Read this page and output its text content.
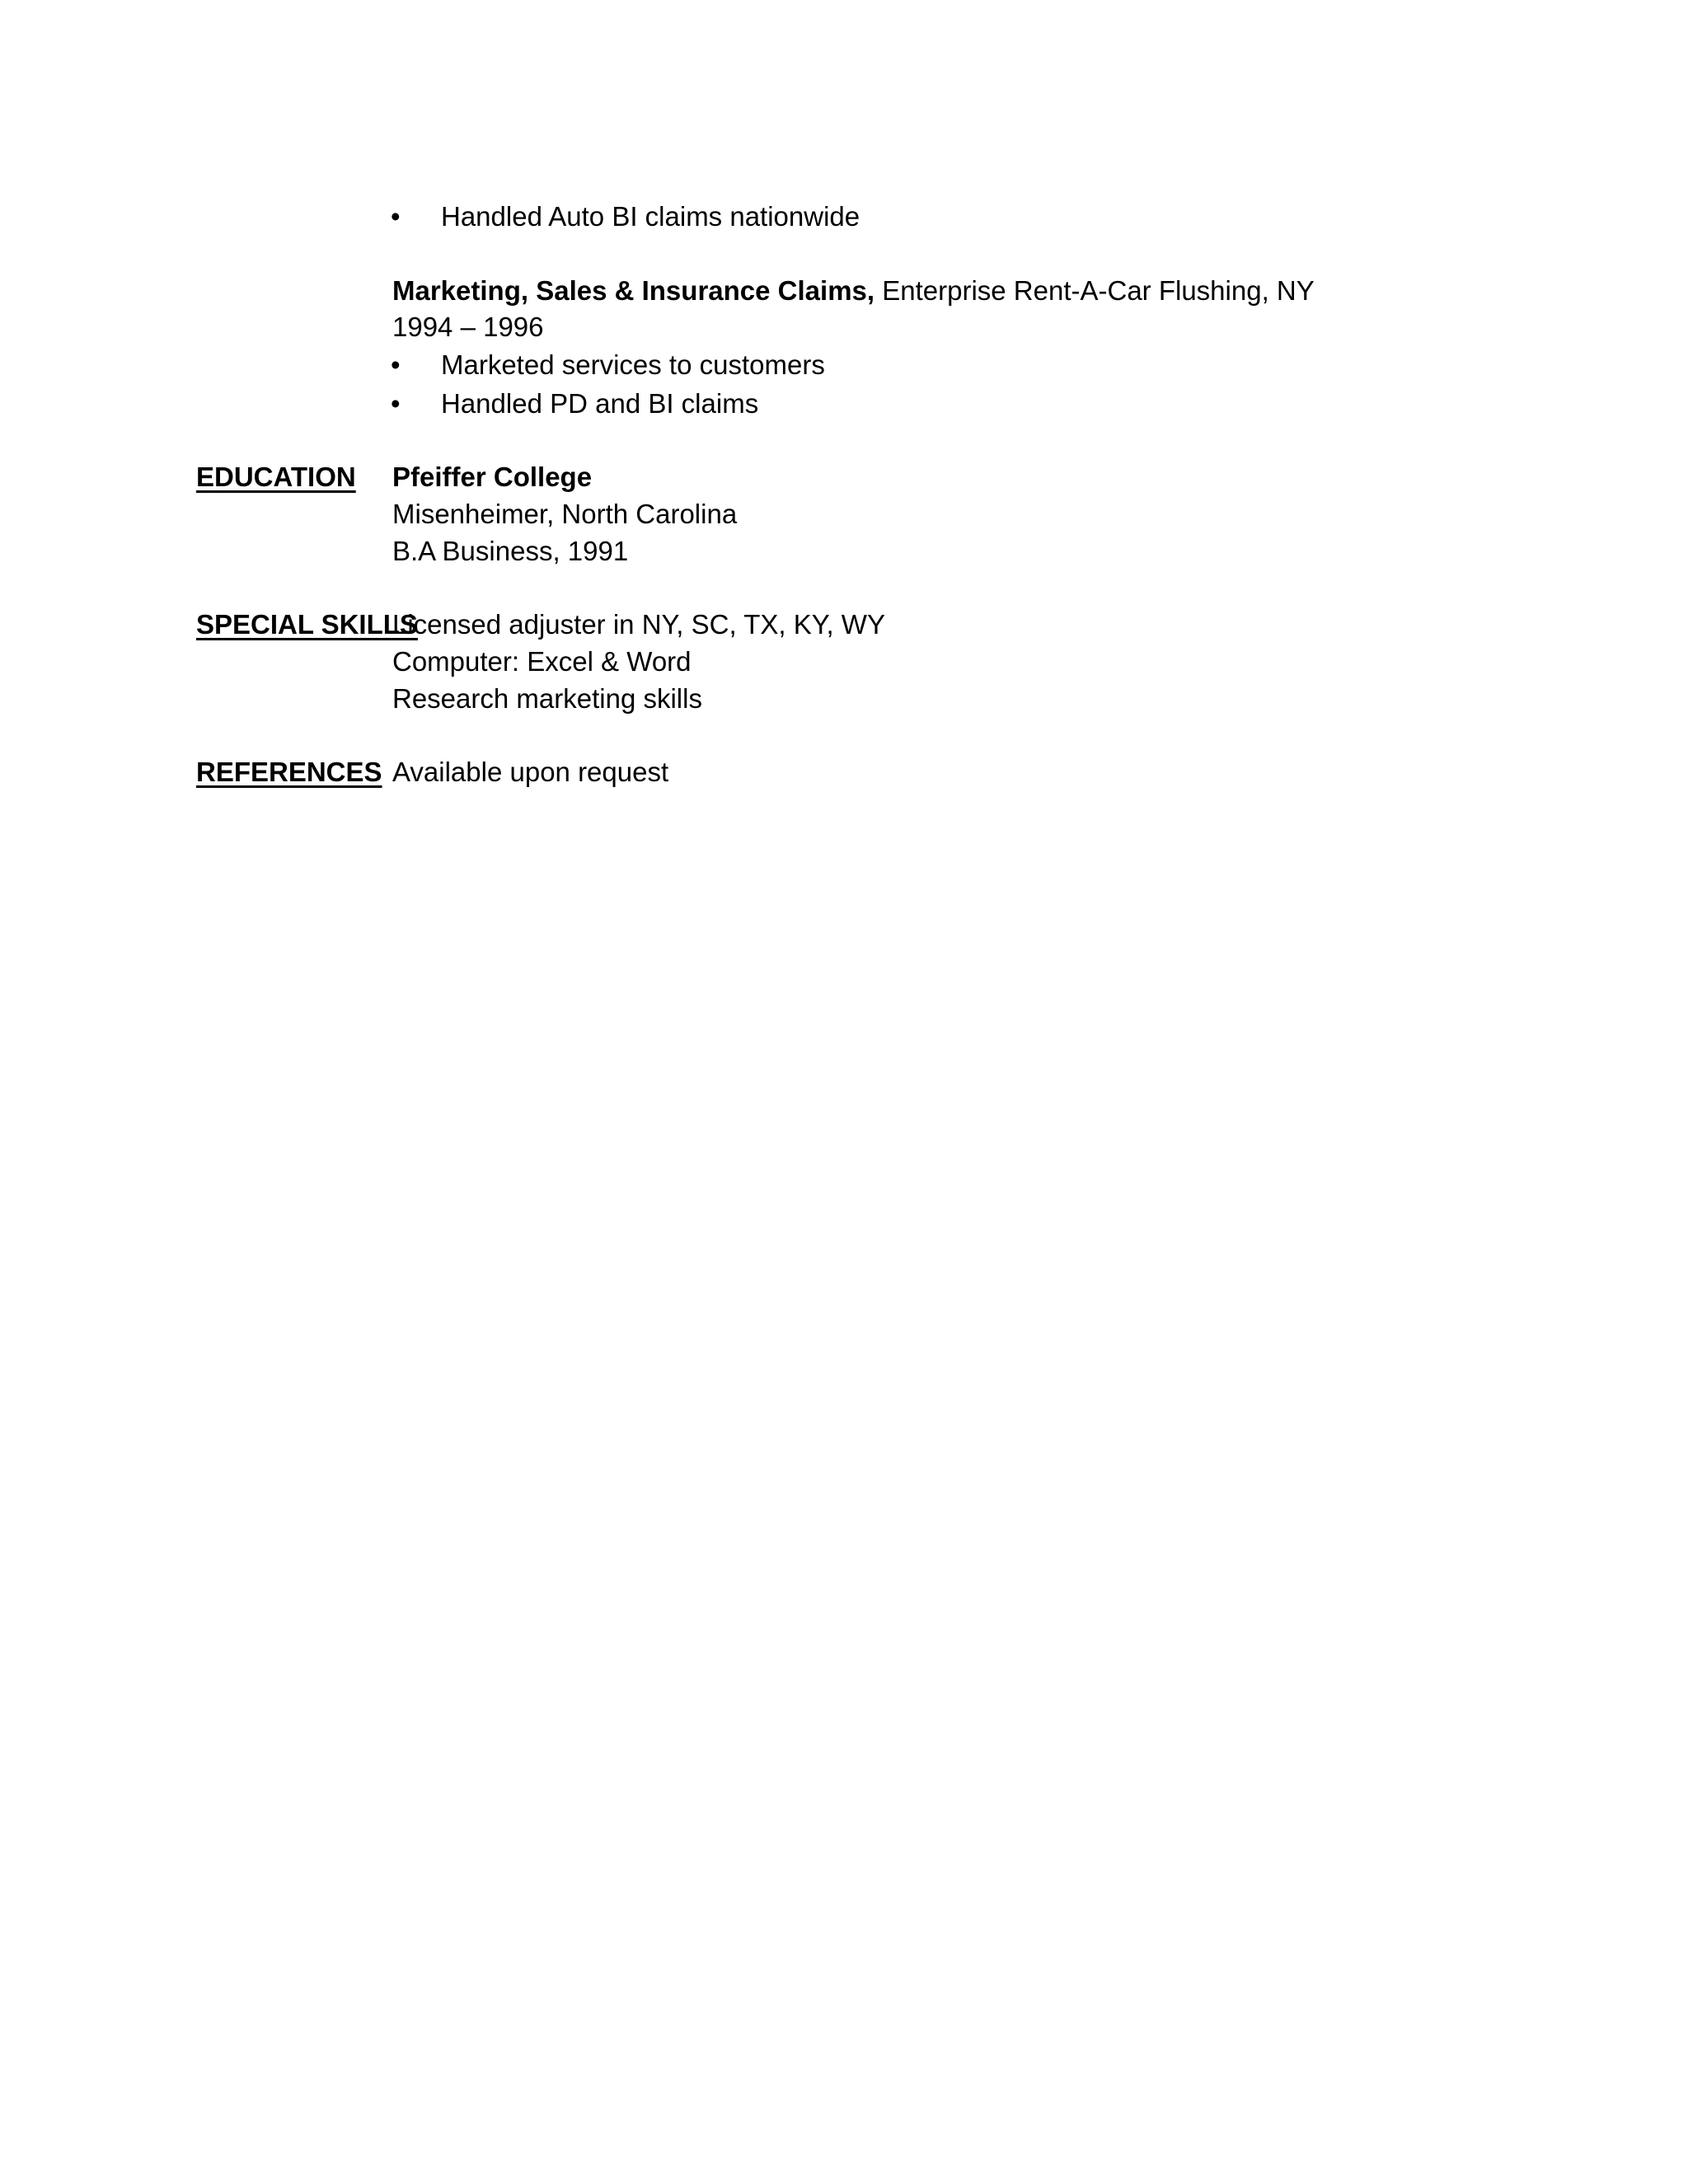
• Handled Auto BI claims nationwide

Marketing, Sales & Insurance Claims, Enterprise Rent-A-Car Flushing, NY

1994 – 1996

• Marketed services to customers

• Handled PD and BI claims

EDUCATION Pfeiffer College

Misenheimer, North Carolina

B.A Business, 1991

SPECIAL SKILLS

Licensed adjuster in NY, SC, TX, KY, WY

Computer: Excel & Word

Research marketing skills

REFERENCES Available upon request
